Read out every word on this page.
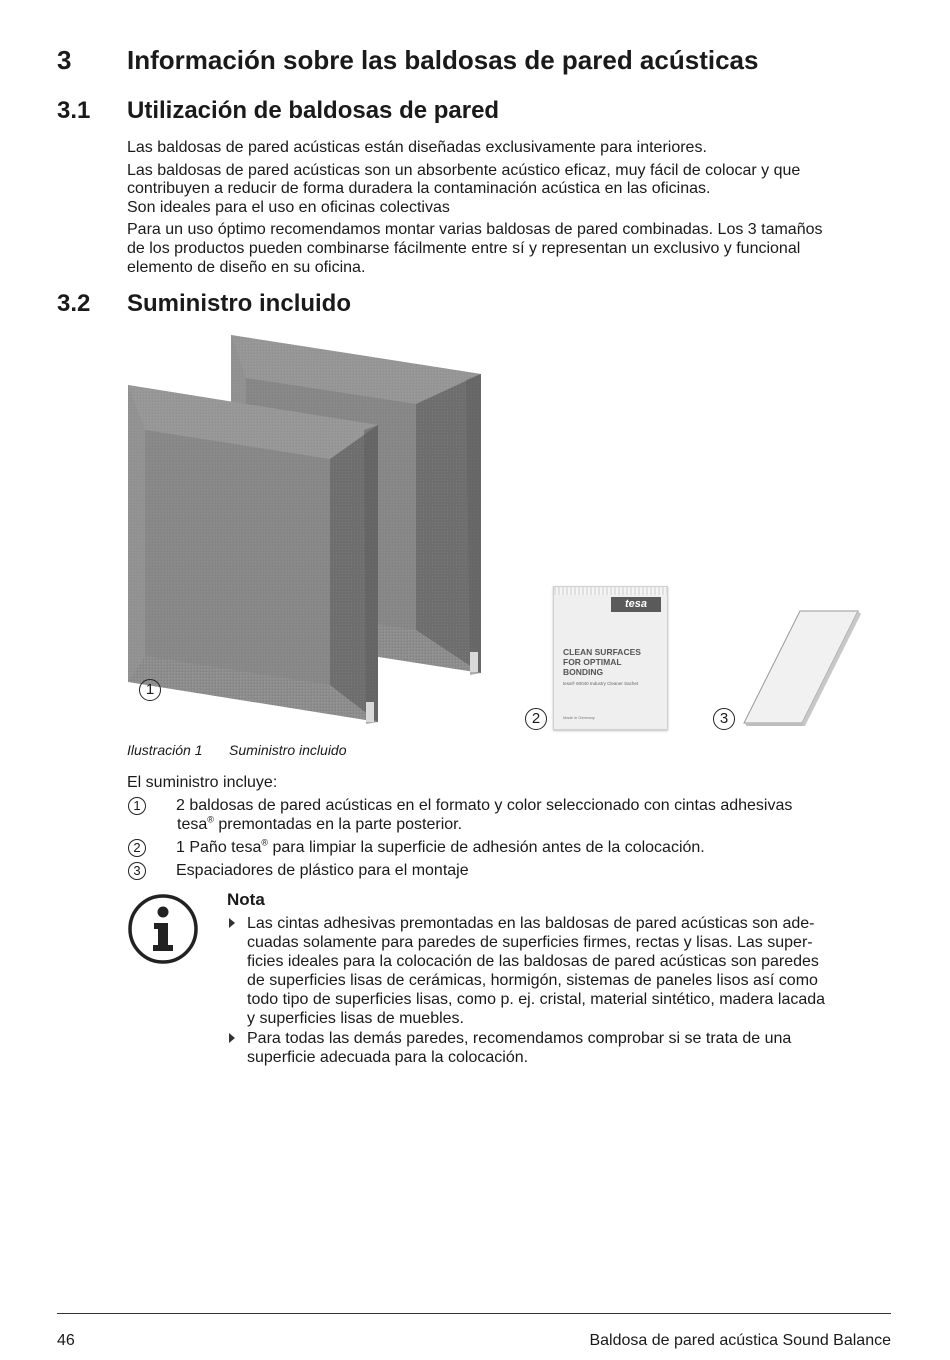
3 Información sobre las baldosas de pared acústicas
3.1 Utilización de baldosas de pared
Las baldosas de pared acústicas están diseñadas exclusivamente para interiores.
Las baldosas de pared acústicas son un absorbente acústico eficaz, muy fácil de colocar y que
contribuyen a reducir de forma duradera la contaminación acústica en las oficinas.
Son ideales para el uso en oficinas colectivas
Para un uso óptimo recomendamos montar varias baldosas de pared combinadas. Los 3 tamaños
de los productos pueden combinarse fácilmente entre sí y representan un exclusivo y funcional
elemento de diseño en su oficina.
3.2 Suministro incluido
1
tesa
CLEAN SURFACES
FOR OPTIMAL
BONDING
tesa® 60040 Industry Cleaner Sachet
Made in Germany
2	3
Ilustración 1 Suministro incluido
El suministro incluye:
1	2 baldosas de pared acústicas en el formato y color seleccionado con cintas adhesivas
tesa® premontadas en la parte posterior.
2	1 Paño tesa® para limpiar la superficie de adhesión antes de la colocación.
3	Espaciadores de plástico para el montaje
Nota
Las cintas adhesivas premontadas en las baldosas de pared acústicas son ade-
cuadas solamente para paredes de superficies firmes, rectas y lisas. Las super-
ficies ideales para la colocación de las baldosas de pared acústicas son paredes
de superficies lisas de cerámicas, hormigón, sistemas de paneles lisos así como
todo tipo de superficies lisas, como p. ej. cristal, material sintético, madera lacada
y superficies lisas de muebles.
Para todas las demás paredes, recomendamos comprobar si se trata de una
superficie adecuada para la colocación.
46	Baldosa de pared acústica Sound Balance
